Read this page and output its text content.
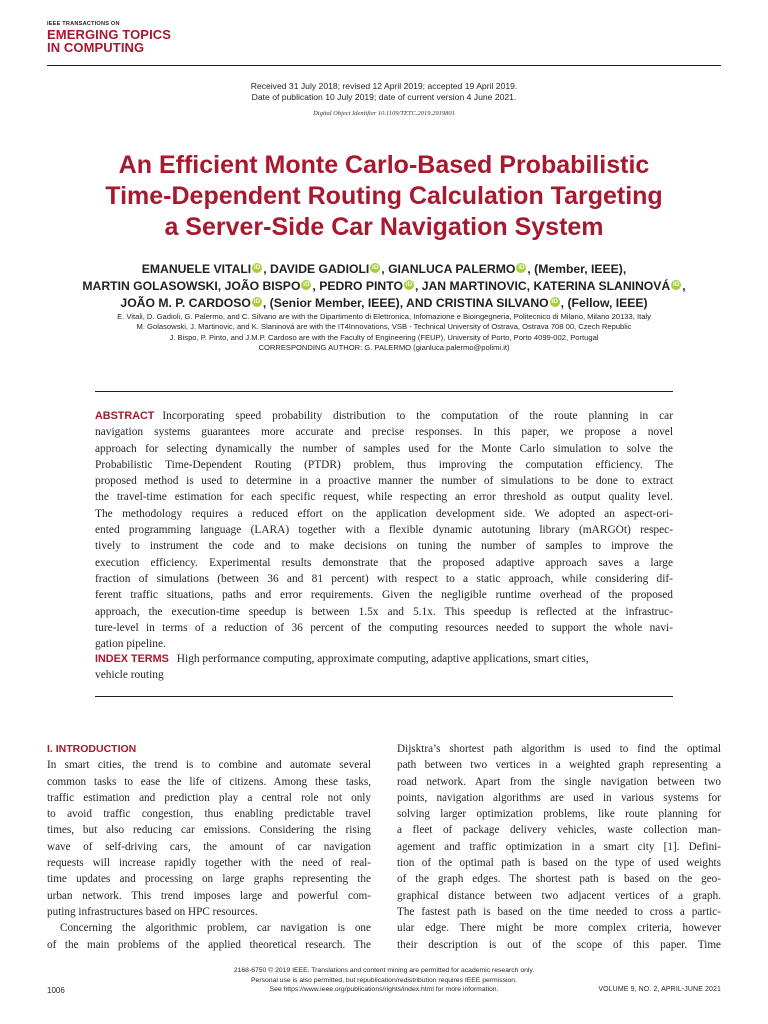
IEEE TRANSACTIONS ON
EMERGING TOPICS
IN COMPUTING
Received 31 July 2018; revised 12 April 2019; accepted 19 April 2019.
Date of publication 10 July 2019; date of current version 4 June 2021.
Digital Object Identifier 10.1109/TETC.2019.2919801
An Efficient Monte Carlo-Based Probabilistic
Time-Dependent Routing Calculation Targeting
a Server-Side Car Navigation System
EMANUELE VITALI iD , DAVIDE GADIOLI iD , GIANLUCA PALERMO iD , (Member, IEEE),
MARTIN GOLASOWSKI, JOÃO BISPO iD , PEDRO PINTO iD , JAN MARTINOVIC, KATERINA SLANINOVÁ iD ,
JOÃO M. P. CARDOSO iD , (Senior Member, IEEE), AND CRISTINA SILVANO iD , (Fellow, IEEE)
E. Vitali, D. Gadioli, G. Palermo, and C. Silvano are with the Dipartimento di Elettronica, Infomazione e Bioingegneria, Politecnico di Milano, Milano 20133, Italy
M. Golasowski, J. Martinovic, and K. Slaninová are with the IT4Innovations, VSB - Technical University of Ostrava, Ostrava 708 00, Czech Republic
J. Bispo, P. Pinto, and J.M.P. Cardoso are with the Faculty of Engineering (FEUP), University of Porto, Porto 4099-002, Portugal
CORRESPONDING AUTHOR: G. PALERMO (gianluca.palermo@polimi.it)
ABSTRACT Incorporating speed probability distribution to the computation of the route planning in car
navigation systems guarantees more accurate and precise responses. In this paper, we propose a novel
approach for selecting dynamically the number of samples used for the Monte Carlo simulation to solve the
Probabilistic Time-Dependent Routing (PTDR) problem, thus improving the computation efficiency. The
proposed method is used to determine in a proactive manner the number of simulations to be done to extract
the travel-time estimation for each specific request, while respecting an error threshold as output quality level.
The methodology requires a reduced effort on the application development side. We adopted an aspect-ori-
ented programming language (LARA) together with a flexible dynamic autotuning library (mARGOt) respec-
tively to instrument the code and to make decisions on tuning the number of samples to improve the
execution efficiency. Experimental results demonstrate that the proposed adaptive approach saves a large
fraction of simulations (between 36 and 81 percent) with respect to a static approach, while considering dif-
ferent traffic situations, paths and error requirements. Given the negligible runtime overhead of the proposed
approach, the execution-time speedup is between 1.5x and 5.1x. This speedup is reflected at the infrastruc-
ture-level in terms of a reduction of 36 percent of the computing resources needed to support the whole navi-
gation pipeline.
INDEX TERMS High performance computing, approximate computing, adaptive applications, smart cities,
vehicle routing
I. INTRODUCTION
In smart cities, the trend is to combine and automate several
common tasks to ease the life of citizens. Among these tasks,
traffic estimation and prediction play a central role not only
to avoid traffic congestion, thus enabling predictable travel
times, but also reducing car emissions. Considering the rising
wave of self-driving cars, the amount of car navigation
requests will increase rapidly together with the need of real-
time updates and processing on large graphs representing the
urban network. This trend imposes large and powerful com-
puting infrastructures based on HPC resources.
Concerning the algorithmic problem, car navigation is one
of the main problems of the applied theoretical research. The
Dijsktra’s shortest path algorithm is used to find the optimal
path between two vertices in a weighted graph representing a
road network. Apart from the single navigation between two
points, navigation algorithms are used in various systems for
solving larger optimization problems, like route planning for
a fleet of package delivery vehicles, waste collection man-
agement and traffic optimization in a smart city [1]. Defini-
tion of the optimal path is based on the type of used weights
of the graph edges. The shortest path is based on the geo-
graphical distance between two adjacent vertices of a graph.
The fastest path is based on the time needed to cross a partic-
ular edge. There might be more complex criteria, however
their description is out of the scope of this paper. Time
2168-6750 © 2019 IEEE. Translations and content mining are permitted for academic research only.
Personal use is also permitted, but republication/redistribution requires IEEE permission.
See https://www.ieee.org/publications/rights/index.html for more information.
1006	VOLUME 9, NO. 2, APRIL-JUNE 2021
